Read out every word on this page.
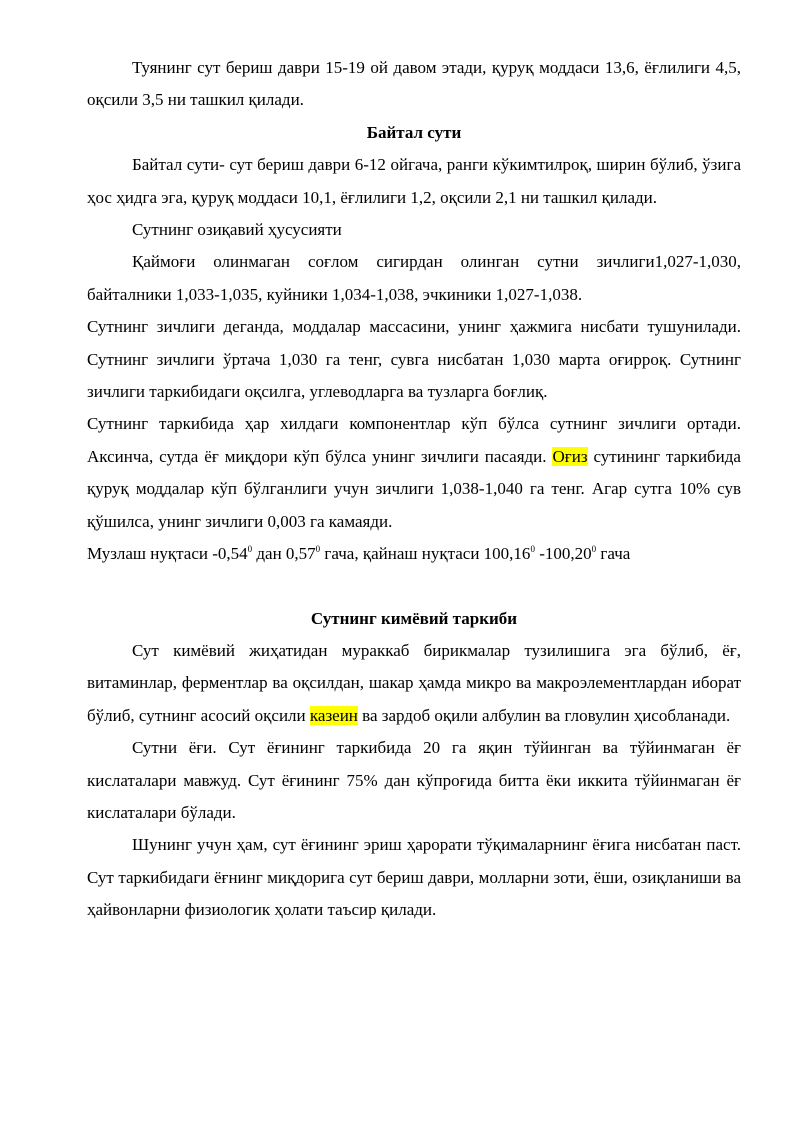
Туянинг сут бериш даври 15-19 ой давом этади, қуруқ моддаси 13,6, ёғлилиги 4,5, оқсили 3,5 ни ташкил қилади.

Байтал сути

Байтал сути- сут бериш даври 6-12 ойгача, ранги кўкимтилроқ, ширин бўлиб, ўзига ҳос ҳидга эга, қуруқ моддаси 10,1, ёғлилиги 1,2, оқсили 2,1 ни ташкил қилади.

Сутнинг озиқавий ҳусусияти

Қаймоғи олинмаган соғлом сигирдан олинган сутни зичлиги1,027-1,030, байталники 1,033-1,035, куйники 1,034-1,038, эчкиники 1,027-1,038.

Сутнинг зичлиги деганда, моддалар массасини, унинг ҳажмига нисбати тушунилади. Сутнинг зичлиги ўртача 1,030 га тенг, сувга нисбатан 1,030 марта оғирроқ. Сутнинг зичлиги таркибидаги оқсилга, углеводларга ва тузларга боғлиқ.

Сутнинг таркибида ҳар хилдаги компонентлар кўп бўлса сутнинг зичлиги ортади. Аксинча, сутда ёғ миқдори кўп бўлса унинг зичлиги пасаяди. Оғиз сутининг таркибида қуруқ моддалар кўп бўлганлиги учун зичлиги 1,038-1,040 га тенг. Агар сутга 10% сув қўшилса, унинг зичлиги 0,003 га камаяди.

Музлаш нуқтаси -0,54$^0$ дан 0,57$^0$ гача, қайнаш нуқтаси 100,16$^0$ -100,20$^0$ гача

Сутнинг кимёвий таркиби

Сут кимёвий жиҳатидан мураккаб бирикмалар тузилишига эга бўлиб, ёғ, витаминлар, ферментлар ва оқсилдан, шакар ҳамда микро ва макроэлементлардан иборат бўлиб, сутнинг асосий оқсили казеин ва зардоб оқили албулин ва гловулин ҳисобланади.

Сутни ёғи. Сут ёғининг таркибида 20 га яқин тўйинган ва тўйинмаган ёғ кислаталари мавжуд. Сут ёғининг 75% дан кўпроғида битта ёки иккита тўйинмаган ёғ кислаталари бўлади.

Шунинг учун ҳам, сут ёғининг эриш ҳарорати тўқималарнинг ёғига нисбатан паст. Сут таркибидаги ёғнинг миқдорига сут бериш даври, молларни зоти, ёши, озиқланиши ва ҳайвонларни физиологик ҳолати таъсир қилади.
